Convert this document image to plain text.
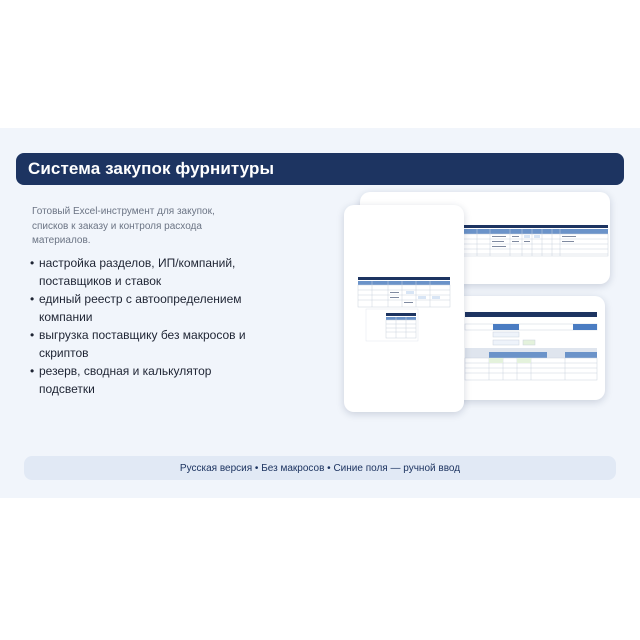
Система закупок фурнитуры
Готовый Excel-инструмент для закупок, списков к заказу и контроля расхода материалов.
• настройка разделов, ИП/компаний, поставщиков и ставок
• единый реестр с автоопределением компании
• выгрузка поставщику без макросов и скриптов
• резерв, сводная и калькулятор подсветки
Русская версия • Без макросов • Синие поля — ручной ввод
